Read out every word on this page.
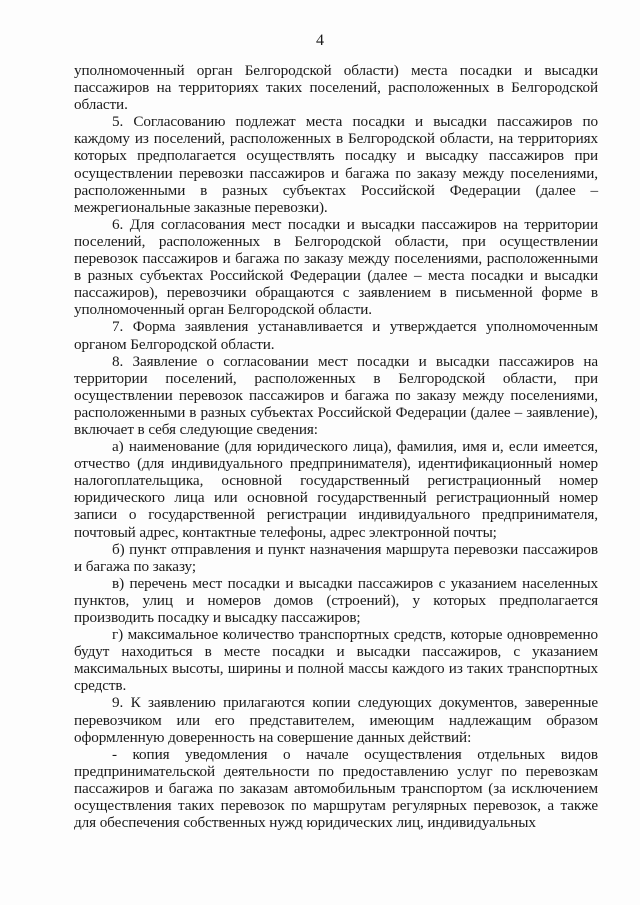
4

уполномоченный орган Белгородской области) места посадки и высадки пассажиров на территориях таких поселений, расположенных в Белгородской области.

5. Согласованию подлежат места посадки и высадки пассажиров по каждому из поселений, расположенных в Белгородской области, на территориях которых предполагается осуществлять посадку и высадку пассажиров при осуществлении перевозки пассажиров и багажа по заказу между поселениями, расположенными в разных субъектах Российской Федерации (далее – межрегиональные заказные перевозки).

6. Для согласования мест посадки и высадки пассажиров на территории поселений, расположенных в Белгородской области, при осуществлении перевозок пассажиров и багажа по заказу между поселениями, расположенными в разных субъектах Российской Федерации (далее – места посадки и высадки пассажиров), перевозчики обращаются с заявлением в письменной форме в уполномоченный орган Белгородской области.

7. Форма заявления устанавливается и утверждается уполномоченным органом Белгородской области.

8. Заявление о согласовании мест посадки и высадки пассажиров на территории поселений, расположенных в Белгородской области, при осуществлении перевозок пассажиров и багажа по заказу между поселениями, расположенными в разных субъектах Российской Федерации (далее – заявление), включает в себя следующие сведения:

а) наименование (для юридического лица), фамилия, имя и, если имеется, отчество (для индивидуального предпринимателя), идентификационный номер налогоплательщика, основной государственный регистрационный номер юридического лица или основной государственный регистрационный номер записи о государственной регистрации индивидуального предпринимателя, почтовый адрес, контактные телефоны, адрес электронной почты;

б) пункт отправления и пункт назначения маршрута перевозки пассажиров и багажа по заказу;

в) перечень мест посадки и высадки пассажиров с указанием населенных пунктов, улиц и номеров домов (строений), у которых предполагается производить посадку и высадку пассажиров;

г) максимальное количество транспортных средств, которые одновременно будут находиться в месте посадки и высадки пассажиров, с указанием максимальных высоты, ширины и полной массы каждого из таких транспортных средств.

9. К заявлению прилагаются копии следующих документов, заверенные перевозчиком или его представителем, имеющим надлежащим образом оформленную доверенность на совершение данных действий:

- копия уведомления о начале осуществления отдельных видов предпринимательской деятельности по предоставлению услуг по перевозкам пассажиров и багажа по заказам автомобильным транспортом (за исключением осуществления таких перевозок по маршрутам регулярных перевозок, а также для обеспечения собственных нужд юридических лиц, индивидуальных
